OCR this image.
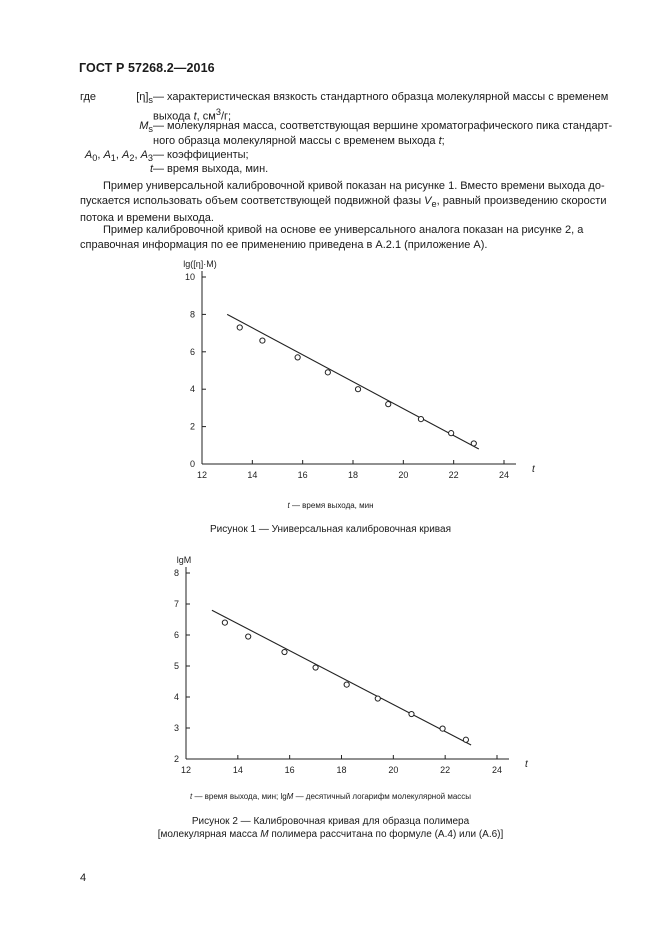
ГОСТ Р 57268.2—2016
где	$[\eta]_s$ — характеристическая вязкость стандартного образца молекулярной массы с временем выхода t, $см^3/г$;
$M_s$ — молекулярная масса, соответствующая вершине хроматографического пика стандарт-ного образца молекулярной массы с временем выхода t;
$A_0$, $A_1$, $A_2$, $A_3$ — коэффициенты;
t — время выхода, мин.
Пример универсальной калибровочной кривой показан на рисунке 1. Вместо времени выхода до-пускается использовать объем соответствующей подвижной фазы $V_e$, равный произведению скорости потока и времени выхода.
Пример калибровочной кривой на основе ее универсального аналога показан на рисунке 2, а справочная информация по ее применению приведена в А.2.1 (приложение А).
0
2
4
6
8
10
12	14	16	18	20	22	24 t
lg([η]·M)
2
3
4
5
6
7
8
12	14	16	18	20	22	24 t
lgM
t — время выхода, мин
Рисунок 1 — Универсальная калибровочная кривая
t — время выхода, мин; lgM — десятичный логарифм молекулярной массы
Рисунок 2 — Калибровочная кривая для образца полимера
[молекулярная масса М полимера рассчитана по формуле (А.4) или (А.6)]
4
